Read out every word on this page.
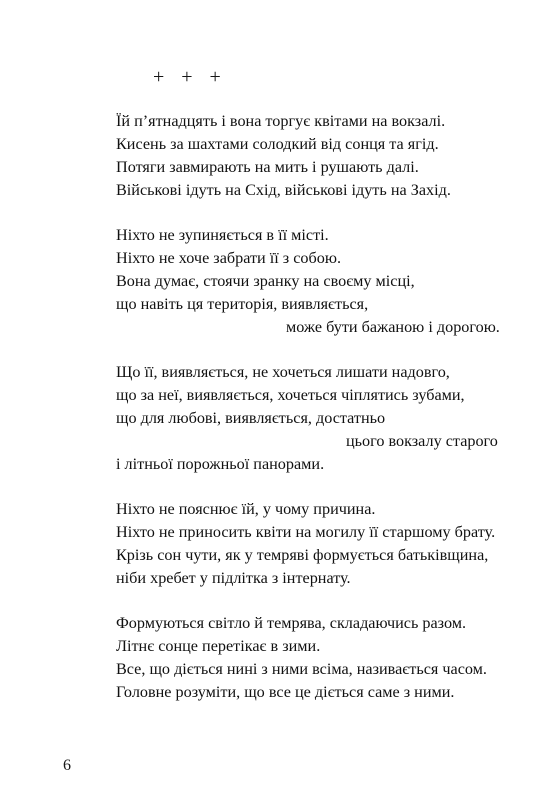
+ + +
Їй п’ятнадцять і вона торгує квітами на вокзалі.
Кисень за шахтами солодкий від сонця та ягід.
Потяги завмирають на мить і рушають далі.
Військові ідуть на Схід, військові ідуть на Захід.
Ніхто не зупиняється в її місті.
Ніхто не хоче забрати її з собою.
Вона думає, стоячи зранку на своєму місці,
що навіть ця територія, виявляється,
може бути бажаною і дорогою.
Що її, виявляється, не хочеться лишати надовго,
що за неї, виявляється, хочеться чіплятись зубами,
що для любові, виявляється, достатньо
цього вокзалу старого
і літньої порожньої панорами.
Ніхто не пояснює їй, у чому причина.
Ніхто не приносить квіти на могилу її старшому брату.
Крізь сон чути, як у темряві формується батьківщина,
ніби хребет у підлітка з інтернату.
Формуються світло й темрява, складаючись разом.
Літнє сонце перетікає в зими.
Все, що діється нині з ними всіма, називається часом.
Головне розуміти, що все це діється саме з ними.
6
